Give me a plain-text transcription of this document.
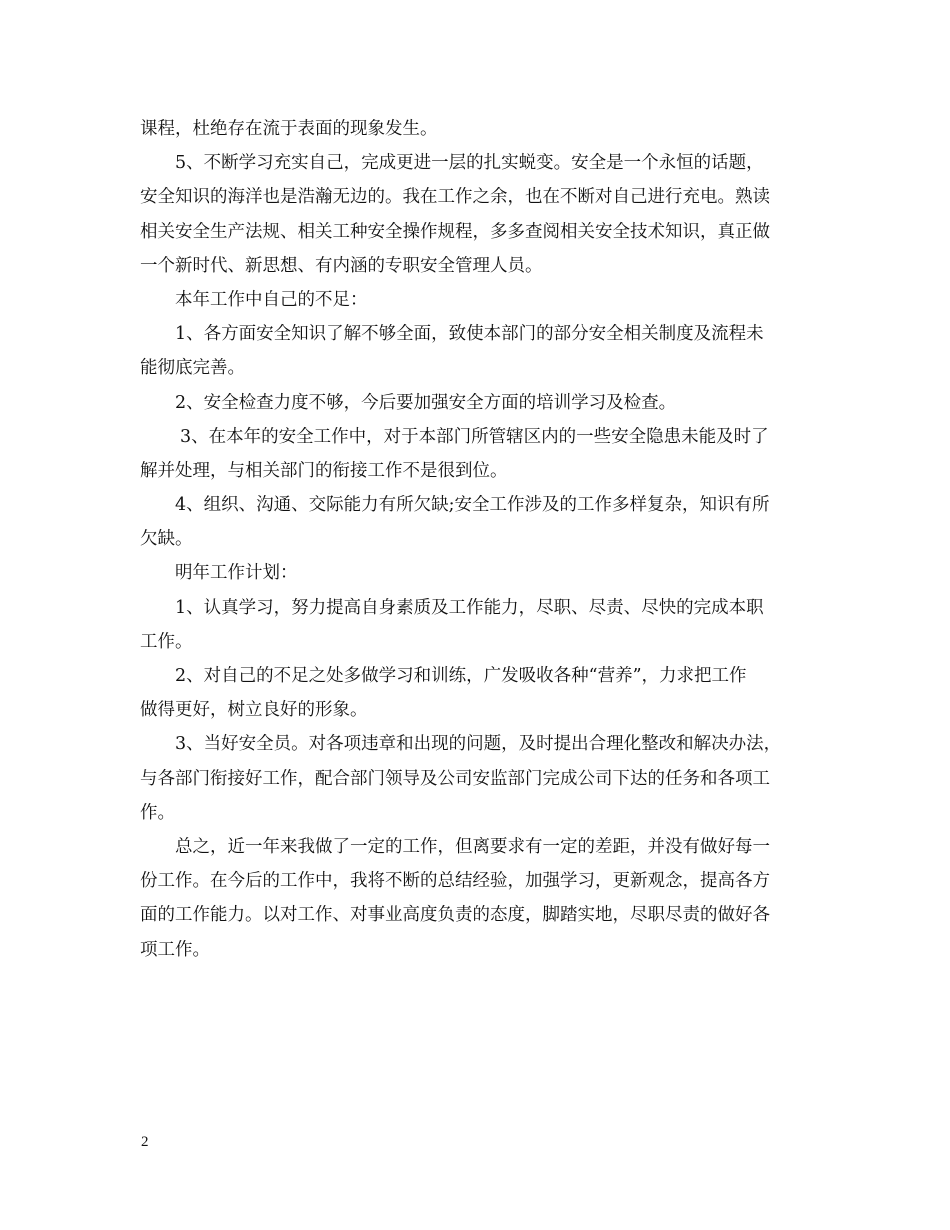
课程，杜绝存在流于表面的现象发生。
5、不断学习充实自己，完成更进一层的扎实蜕变。安全是一个永恒的话题，
安全知识的海洋也是浩瀚无边的。我在工作之余，也在不断对自己进行充电。熟读
相关安全生产法规、相关工种安全操作规程，多多查阅相关安全技术知识，真正做
一个新时代、新思想、有内涵的专职安全管理人员。
本年工作中自己的不足：
1、各方面安全知识了解不够全面，致使本部门的部分安全相关制度及流程未
能彻底完善。
2、安全检查力度不够，今后要加强安全方面的培训学习及检查。
3、在本年的安全工作中，对于本部门所管辖区内的一些安全隐患未能及时了
解并处理，与相关部门的衔接工作不是很到位。
4、组织、沟通、交际能力有所欠缺;安全工作涉及的工作多样复杂，知识有所
欠缺。
明年工作计划：
1、认真学习，努力提高自身素质及工作能力，尽职、尽责、尽快的完成本职
工作。
2、对自己的不足之处多做学习和训练，广发吸收各种“营养”，力求把工作
做得更好，树立良好的形象。
3、当好安全员。对各项违章和出现的问题，及时提出合理化整改和解决办法，
与各部门衔接好工作，配合部门领导及公司安监部门完成公司下达的任务和各项工
作。
总之，近一年来我做了一定的工作，但离要求有一定的差距，并没有做好每一
份工作。在今后的工作中，我将不断的总结经验，加强学习，更新观念，提高各方
面的工作能力。以对工作、对事业高度负责的态度，脚踏实地，尽职尽责的做好各
项工作。
2
